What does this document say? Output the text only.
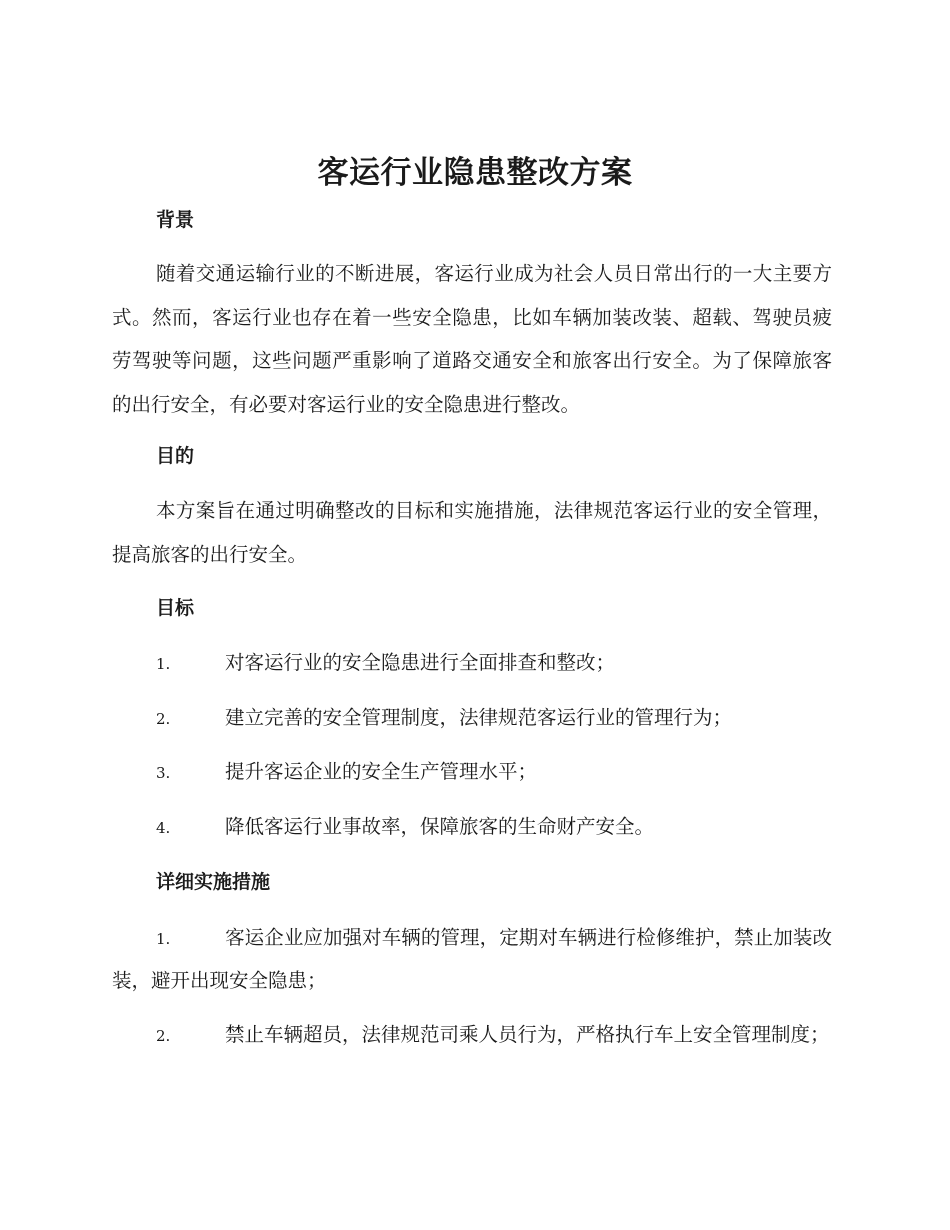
客运行业隐患整改方案
背景
随着交通运输行业的不断进展，客运行业成为社会人员日常出行的一大主要方式。然而，客运行业也存在着一些安全隐患，比如车辆加装改装、超载、驾驶员疲劳驾驶等问题，这些问题严重影响了道路交通安全和旅客出行安全。为了保障旅客的出行安全，有必要对客运行业的安全隐患进行整改。
目的
本方案旨在通过明确整改的目标和实施措施，法律规范客运行业的安全管理，提高旅客的出行安全。
目标
1.	对客运行业的安全隐患进行全面排查和整改；
2.	建立完善的安全管理制度，法律规范客运行业的管理行为；
3.	提升客运企业的安全生产管理水平；
4.	降低客运行业事故率，保障旅客的生命财产安全。
详细实施措施
1.	客运企业应加强对车辆的管理，定期对车辆进行检修维护，禁止加装改装，避开出现安全隐患；
2.	禁止车辆超员，法律规范司乘人员行为，严格执行车上安全管理制度；
